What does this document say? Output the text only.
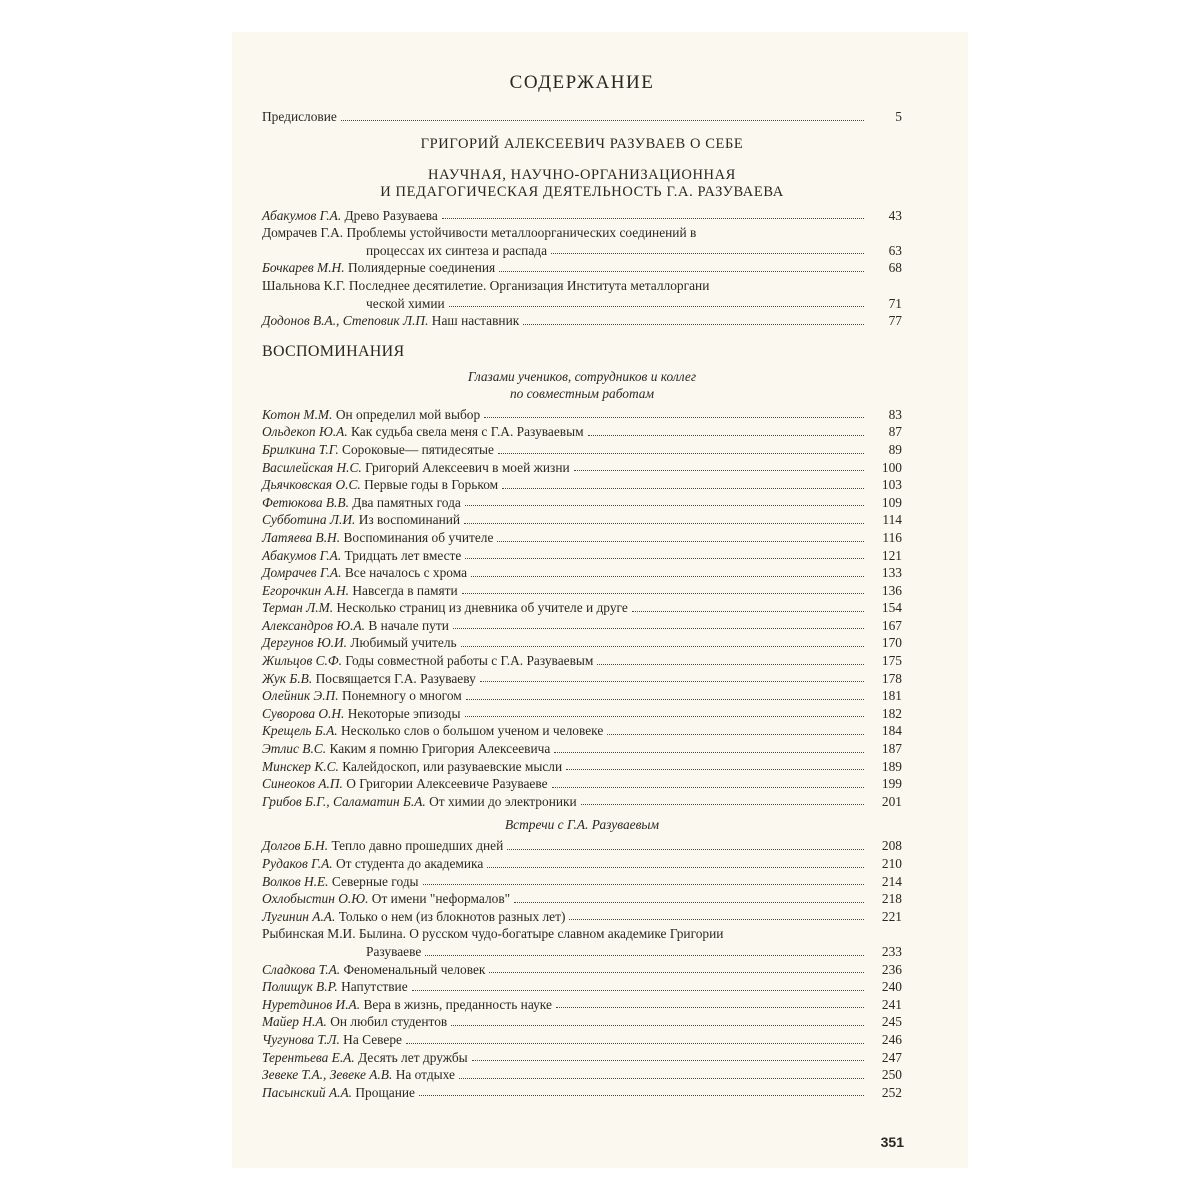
СОДЕРЖАНИЕ
Предисловие	5
ГРИГОРИЙ АЛЕКСЕЕВИЧ РАЗУВАЕВ О СЕБЕ
НАУЧНАЯ, НАУЧНО-ОРГАНИЗАЦИОННАЯ
И ПЕДАГОГИЧЕСКАЯ ДЕЯТЕЛЬНОСТЬ Г.А. РАЗУВАЕВА
Абакумов Г.А. Древо Разуваева	43
Домрачев Г.А. Проблемы устойчивости металлоорганических соединений в
процессах их синтеза и распада	63
Бочкарев М.Н. Полиядерные соединения	68
Шальнова К.Г. Последнее десятилетие. Организация Института металлоргани
ческой химии	71
Додонов В.А., Степовик Л.П. Наш наставник	77
ВОСПОМИНАНИЯ
Глазами учеников, сотрудников и коллег
по совместным работам
Котон М.М. Он определил мой выбор	83
Ольдекоп Ю.А. Как судьба свела меня с Г.А. Разуваевым	87
Брилкина Т.Г. Сороковые— пятидесятые	89
Василейская Н.С. Григорий Алексеевич в моей жизни	100
Дьячковская О.С. Первые годы в Горьком	103
Фетюкова В.В. Два памятных года	109
Субботина Л.И. Из воспоминаний	114
Латяева В.Н. Воспоминания об учителе	116
Абакумов Г.А. Тридцать лет вместе	121
Домрачев Г.А. Все началось с хрома	133
Егорочкин А.Н. Навсегда в памяти	136
Терман Л.М. Несколько страниц из дневника об учителе и друге	154
Александров Ю.А. В начале пути	167
Дергунов Ю.И. Любимый учитель	170
Жильцов С.Ф. Годы совместной работы с Г.А. Разуваевым	175
Жук Б.В. Посвящается Г.А. Разуваеву	178
Олейник Э.П. Понемногу о многом	181
Суворова О.Н. Некоторые эпизоды	182
Крещель Б.А. Несколько слов о большом ученом и человеке	184
Этлис В.С. Каким я помню Григория Алексеевича	187
Минскер К.С. Калейдоскоп, или разуваевские мысли	189
Синеоков А.П. О Григории Алексеевиче Разуваеве	199
Грибов Б.Г., Саламатин Б.А. От химии до электроники	201
Встречи с Г.А. Разуваевым
Долгов Б.Н. Тепло давно прошедших дней	208
Рудаков Г.А. От студента до академика	210
Волков Н.Е. Северные годы	214
Охлобыстин О.Ю. От имени "неформалов"	218
Лугинин А.А. Только о нем (из блокнотов разных лет)	221
Рыбинская М.И. Былина. О русском чудо-богатыре славном академике Григории
Разуваеве	233
Сладкова Т.А. Феноменальный человек	236
Полищук В.Р. Напутствие	240
Нуретдинов И.А. Вера в жизнь, преданность науке	241
Майер Н.А. Он любил студентов	245
Чугунова Т.Л. На Севере	246
Терентьева Е.А. Десять лет дружбы	247
Зевеке Т.А., Зевеке А.В. На отдыхе	250
Пасынский А.А. Прощание	252
351
